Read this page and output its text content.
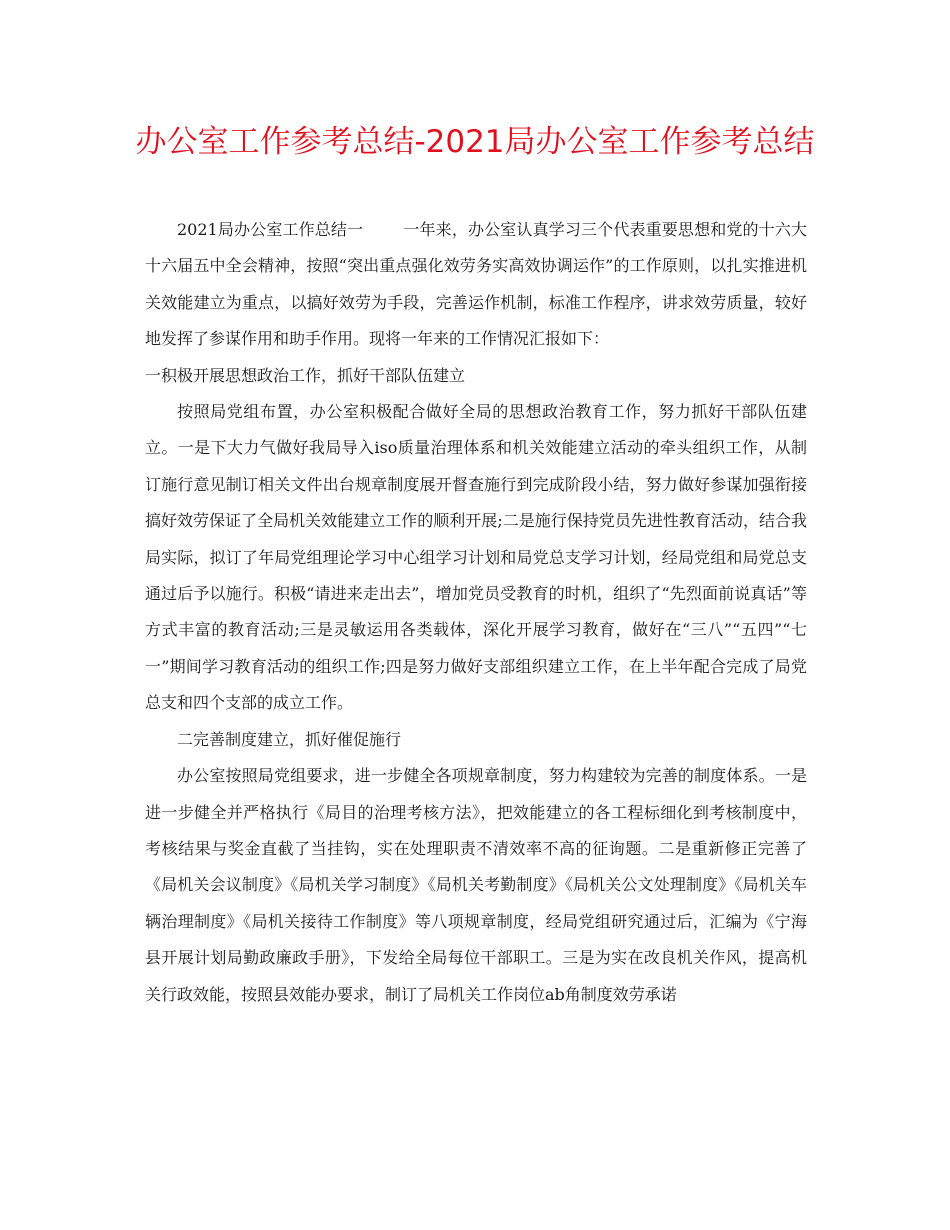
办公室工作参考总结-2021局办公室工作参考总结

2021局办公室工作总结一	一年来，办公室认真学习三个代表重要思想和党的十六大十六届五中全会精神，按照“突出重点强化效劳务实高效协调运作”的工作原则，以扎实推进机关效能建立为重点，以搞好效劳为手段，完善运作机制，标准工作程序，讲求效劳质量，较好地发挥了参谋作用和助手作用。现将一年来的工作情况汇报如下：

一积极开展思想政治工作，抓好干部队伍建立

按照局党组布置，办公室积极配合做好全局的思想政治教育工作，努力抓好干部队伍建立。一是下大力气做好我局导入iso质量治理体系和机关效能建立活动的牵头组织工作，从制订施行意见制订相关文件出台规章制度展开督查施行到完成阶段小结，努力做好参谋加强衔接搞好效劳保证了全局机关效能建立工作的顺利开展;二是施行保持党员先进性教育活动，结合我局实际，拟订了年局党组理论学习中心组学习计划和局党总支学习计划，经局党组和局党总支通过后予以施行。积极“请进来走出去”，增加党员受教育的时机，组织了“先烈面前说真话”等方式丰富的教育活动;三是灵敏运用各类载体，深化开展学习教育，做好在“三八”“五四”“七一”期间学习教育活动的组织工作;四是努力做好支部组织建立工作，在上半年配合完成了局党总支和四个支部的成立工作。

二完善制度建立，抓好催促施行

办公室按照局党组要求，进一步健全各项规章制度，努力构建较为完善的制度体系。一是进一步健全并严格执行《局目的治理考核方法》，把效能建立的各工程标细化到考核制度中，考核结果与奖金直截了当挂钩，实在处理职责不清效率不高的征询题。二是重新修正完善了《局机关会议制度》《局机关学习制度》《局机关考勤制度》《局机关公文处理制度》《局机关车辆治理制度》《局机关接待工作制度》等八项规章制度，经局党组研究通过后，汇编为《宁海县开展计划局勤政廉政手册》，下发给全局每位干部职工。三是为实在改良机关作风，提高机关行政效能，按照县效能办要求，制订了局机关工作岗位ab角制度效劳承诺
